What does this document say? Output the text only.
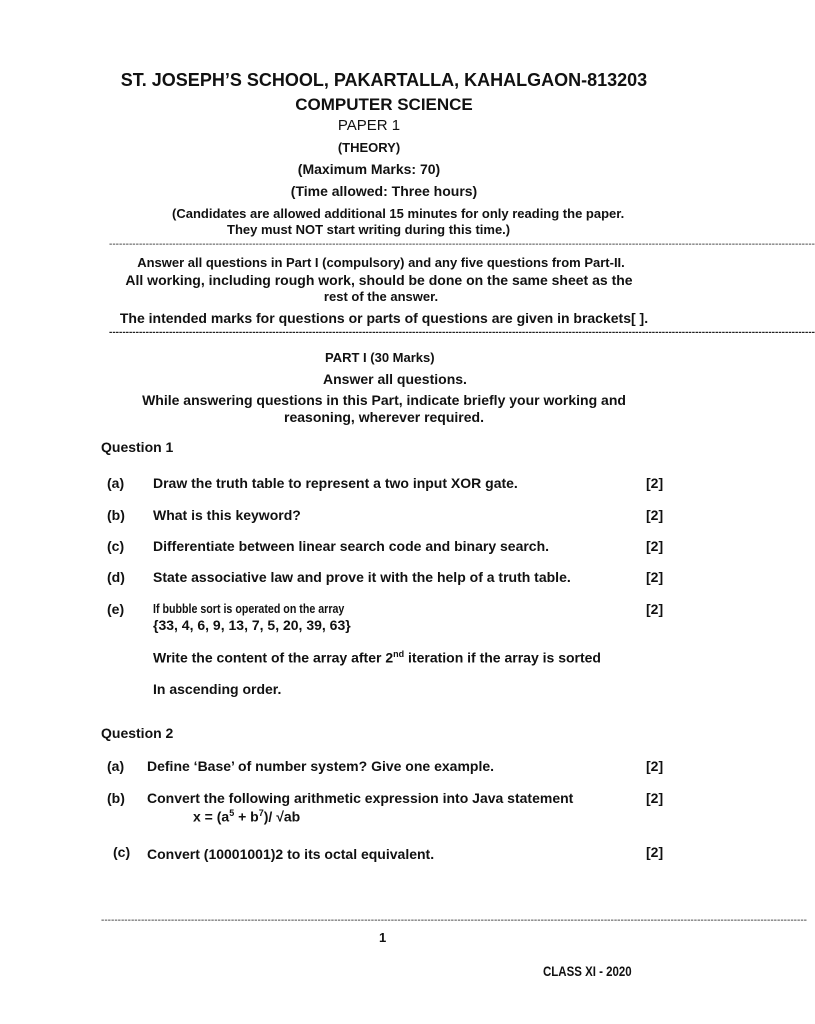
ST. JOSEPH’S SCHOOL, PAKARTALLA, KAHALGAON-813203
COMPUTER SCIENCE
PAPER 1
(THEORY)
(Maximum Marks: 70)
(Time allowed: Three hours)
(Candidates are allowed additional 15 minutes for only reading the paper.
They must NOT start writing during this time.)
--------------------------------------------------------------------------------------------------------------------------------------------------------------------------------------------------------------------
Answer all questions in Part I (compulsory) and any five questions from Part-II.
All working, including rough work, should be done on the same sheet as the
rest of the answer.
The intended marks for questions or parts of questions are given in brackets[ ].
--------------------------------------------------------------------------------------------------------------------------------------------------------------------------------------------------------------------
PART I (30 Marks)
Answer all questions.
While answering questions in this Part, indicate briefly your working and
reasoning, wherever required.
Question 1
(a) Draw the truth table to represent a two input XOR gate.	[2]
(b) What is this keyword?	[2]
(c) Differentiate between linear search code and binary search.	[2]
(d) State associative law and prove it with the help of a truth table.	[2]
(e) If bubble sort is operated on the array	[2]
{33, 4, 6, 9, 13, 7, 5, 20, 39, 63}
Write the content of the array after 2nd iteration if the array is sorted
In ascending order.
Question 2
(a) Define ‘Base’ of number system? Give one example.	[2]
(b) Convert the following arithmetic expression into Java statement	[2]
$x = (a^5 + b^7)/$ √ab
(c) Convert (10001001)2 to its octal equivalent.	[2]
--------------------------------------------------------------------------------------------------------------------------------------------------------------------------------------------------------------------
1
CLASS XI - 2020
